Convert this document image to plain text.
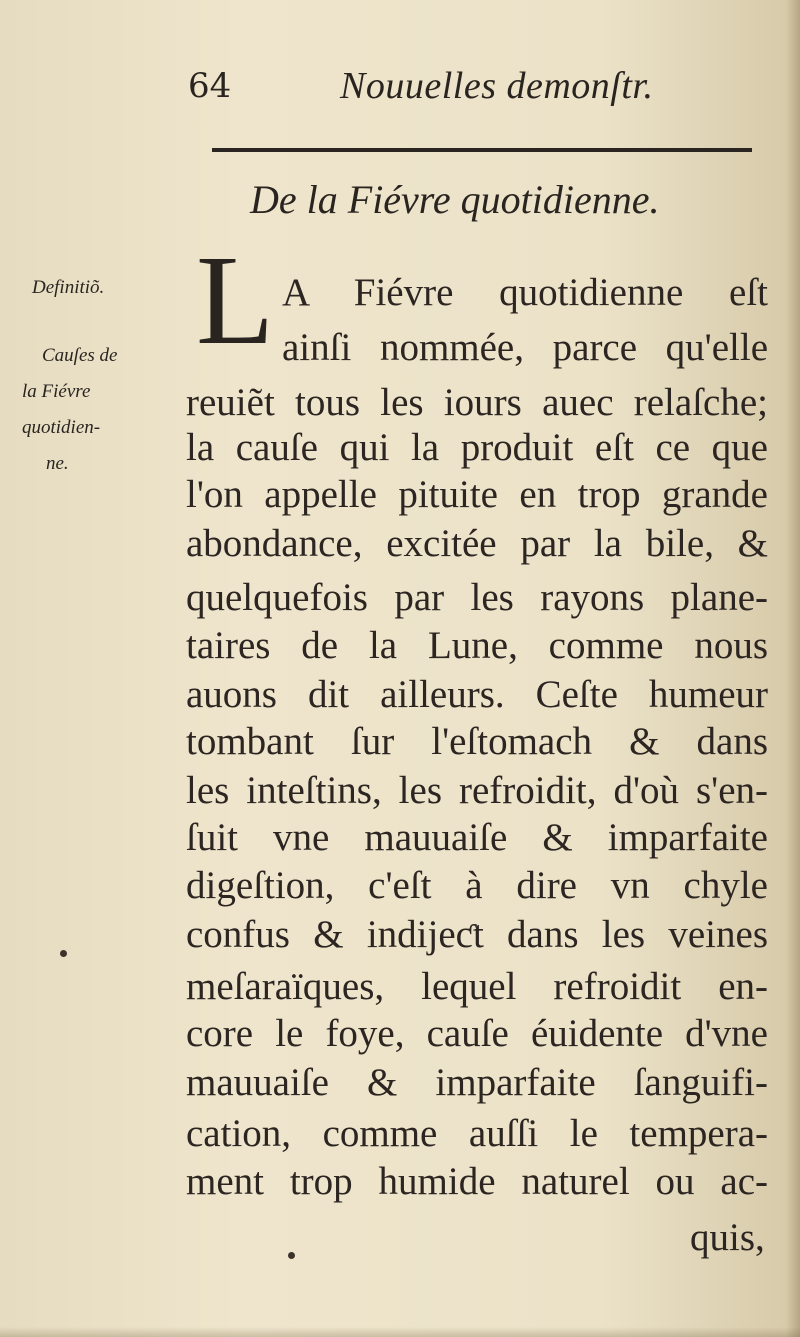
64	Nouuelles demonſtr.
De la Fiévre quotidienne.
Definitiõ.
Cauſes de
la Fiévre
quotidien-
ne.
L A Fiévre quotidienne eſt
ainſi nommée, parce qu'elle
reuiẽt tous les iours auec relaſche;
la cauſe qui la produit eſt ce que
l'on appelle pituite en trop grande
abondance, excitée par la bile, &
quelquefois par les rayons plane-
taires de la Lune, comme nous
auons dit ailleurs. Ceſte humeur
tombant ſur l'eſtomach & dans
les inteſtins, les refroidit, d'où s'en-
ſuit vne mauuaiſe & imparfaite
digeſtion, c'eſt à dire vn chyle
confus & indijeƈt dans les veines
meſaraïques, lequel refroidit en-
core le foye, cauſe éuidente d'vne
mauuaiſe & imparfaite ſanguifi-
cation, comme auſſi le tempera-
ment trop humide naturel ou ac-
quis,
